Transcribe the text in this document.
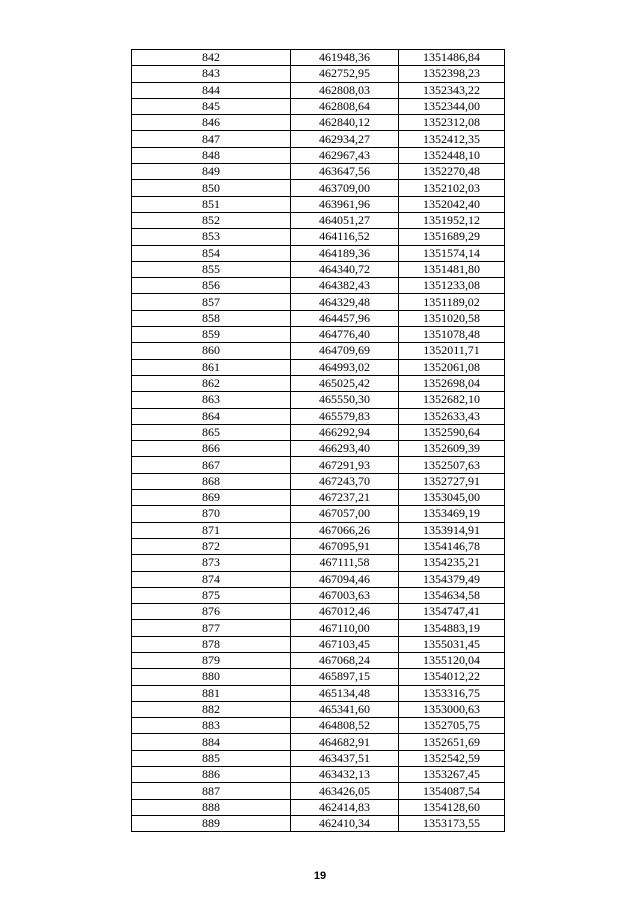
842	461948,36	1351486,84
843	462752,95	1352398,23
844	462808,03	1352343,22
845	462808,64	1352344,00
846	462840,12	1352312,08
847	462934,27	1352412,35
848	462967,43	1352448,10
849	463647,56	1352270,48
850	463709,00	1352102,03
851	463961,96	1352042,40
852	464051,27	1351952,12
853	464116,52	1351689,29
854	464189,36	1351574,14
855	464340,72	1351481,80
856	464382,43	1351233,08
857	464329,48	1351189,02
858	464457,96	1351020,58
859	464776,40	1351078,48
860	464709,69	1352011,71
861	464993,02	1352061,08
862	465025,42	1352698,04
863	465550,30	1352682,10
864	465579,83	1352633,43
865	466292,94	1352590,64
866	466293,40	1352609,39
867	467291,93	1352507,63
868	467243,70	1352727,91
869	467237,21	1353045,00
870	467057,00	1353469,19
871	467066,26	1353914,91
872	467095,91	1354146,78
873	467111,58	1354235,21
874	467094,46	1354379,49
875	467003,63	1354634,58
876	467012,46	1354747,41
877	467110,00	1354883,19
878	467103,45	1355031,45
879	467068,24	1355120,04
880	465897,15	1354012,22
881	465134,48	1353316,75
882	465341,60	1353000,63
883	464808,52	1352705,75
884	464682,91	1352651,69
885	463437,51	1352542,59
886	463432,13	1353267,45
887	463426,05	1354087,54
888	462414,83	1354128,60
889	462410,34	1353173,55
19
